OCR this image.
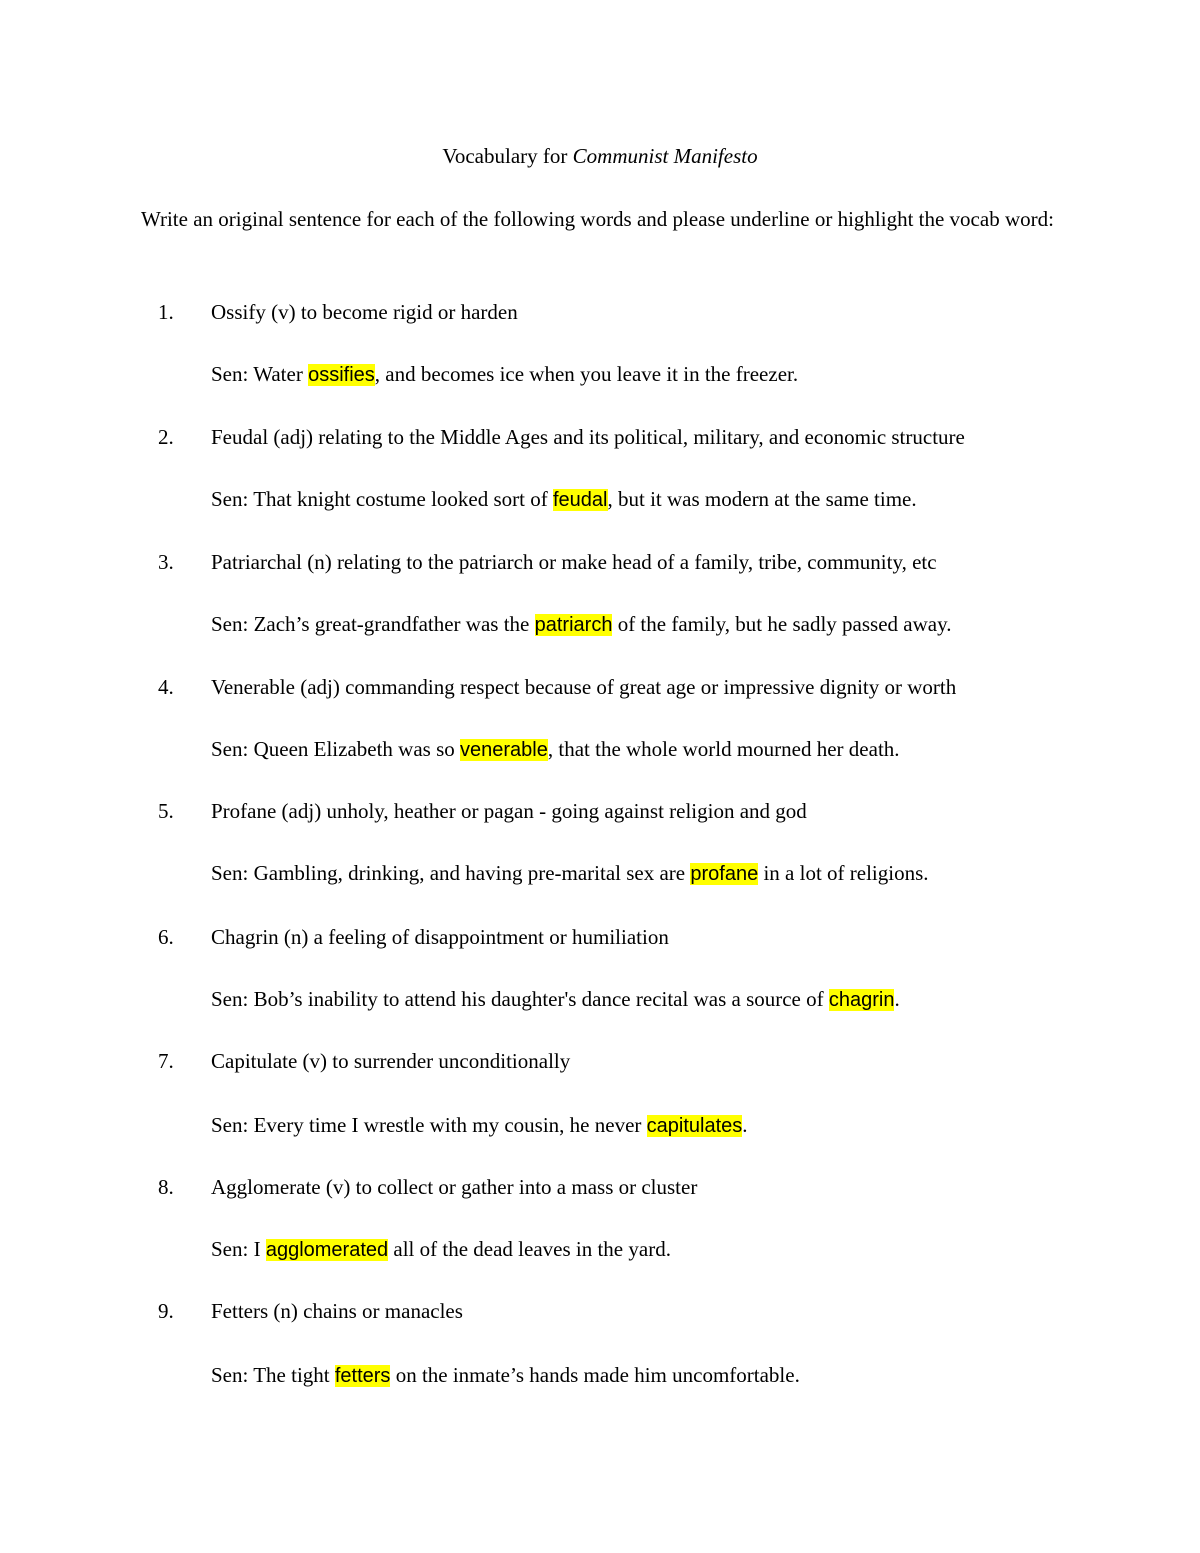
Vocabulary for Communist Manifesto
Write an original sentence for each of the following words and please underline or highlight the vocab word:
1. Ossify (v) to become rigid or harden
Sen: Water ossifies, and becomes ice when you leave it in the freezer.
2. Feudal (adj) relating to the Middle Ages and its political, military, and economic structure
Sen: That knight costume looked sort of feudal, but it was modern at the same time.
3. Patriarchal (n) relating to the patriarch or make head of a family, tribe, community, etc
Sen: Zach’s great-grandfather was the patriarch of the family, but he sadly passed away.
4. Venerable (adj) commanding respect because of great age or impressive dignity or worth
Sen: Queen Elizabeth was so venerable, that the whole world mourned her death.
5. Profane (adj) unholy, heather or pagan - going against religion and god
Sen: Gambling, drinking, and having pre-marital sex are profane in a lot of religions.
6. Chagrin (n) a feeling of disappointment or humiliation
Sen: Bob’s inability to attend his daughter's dance recital was a source of chagrin.
7. Capitulate (v) to surrender unconditionally
Sen: Every time I wrestle with my cousin, he never capitulates.
8. Agglomerate (v) to collect or gather into a mass or cluster
Sen: I agglomerated all of the dead leaves in the yard.
9. Fetters (n) chains or manacles
Sen: The tight fetters on the inmate’s hands made him uncomfortable.
